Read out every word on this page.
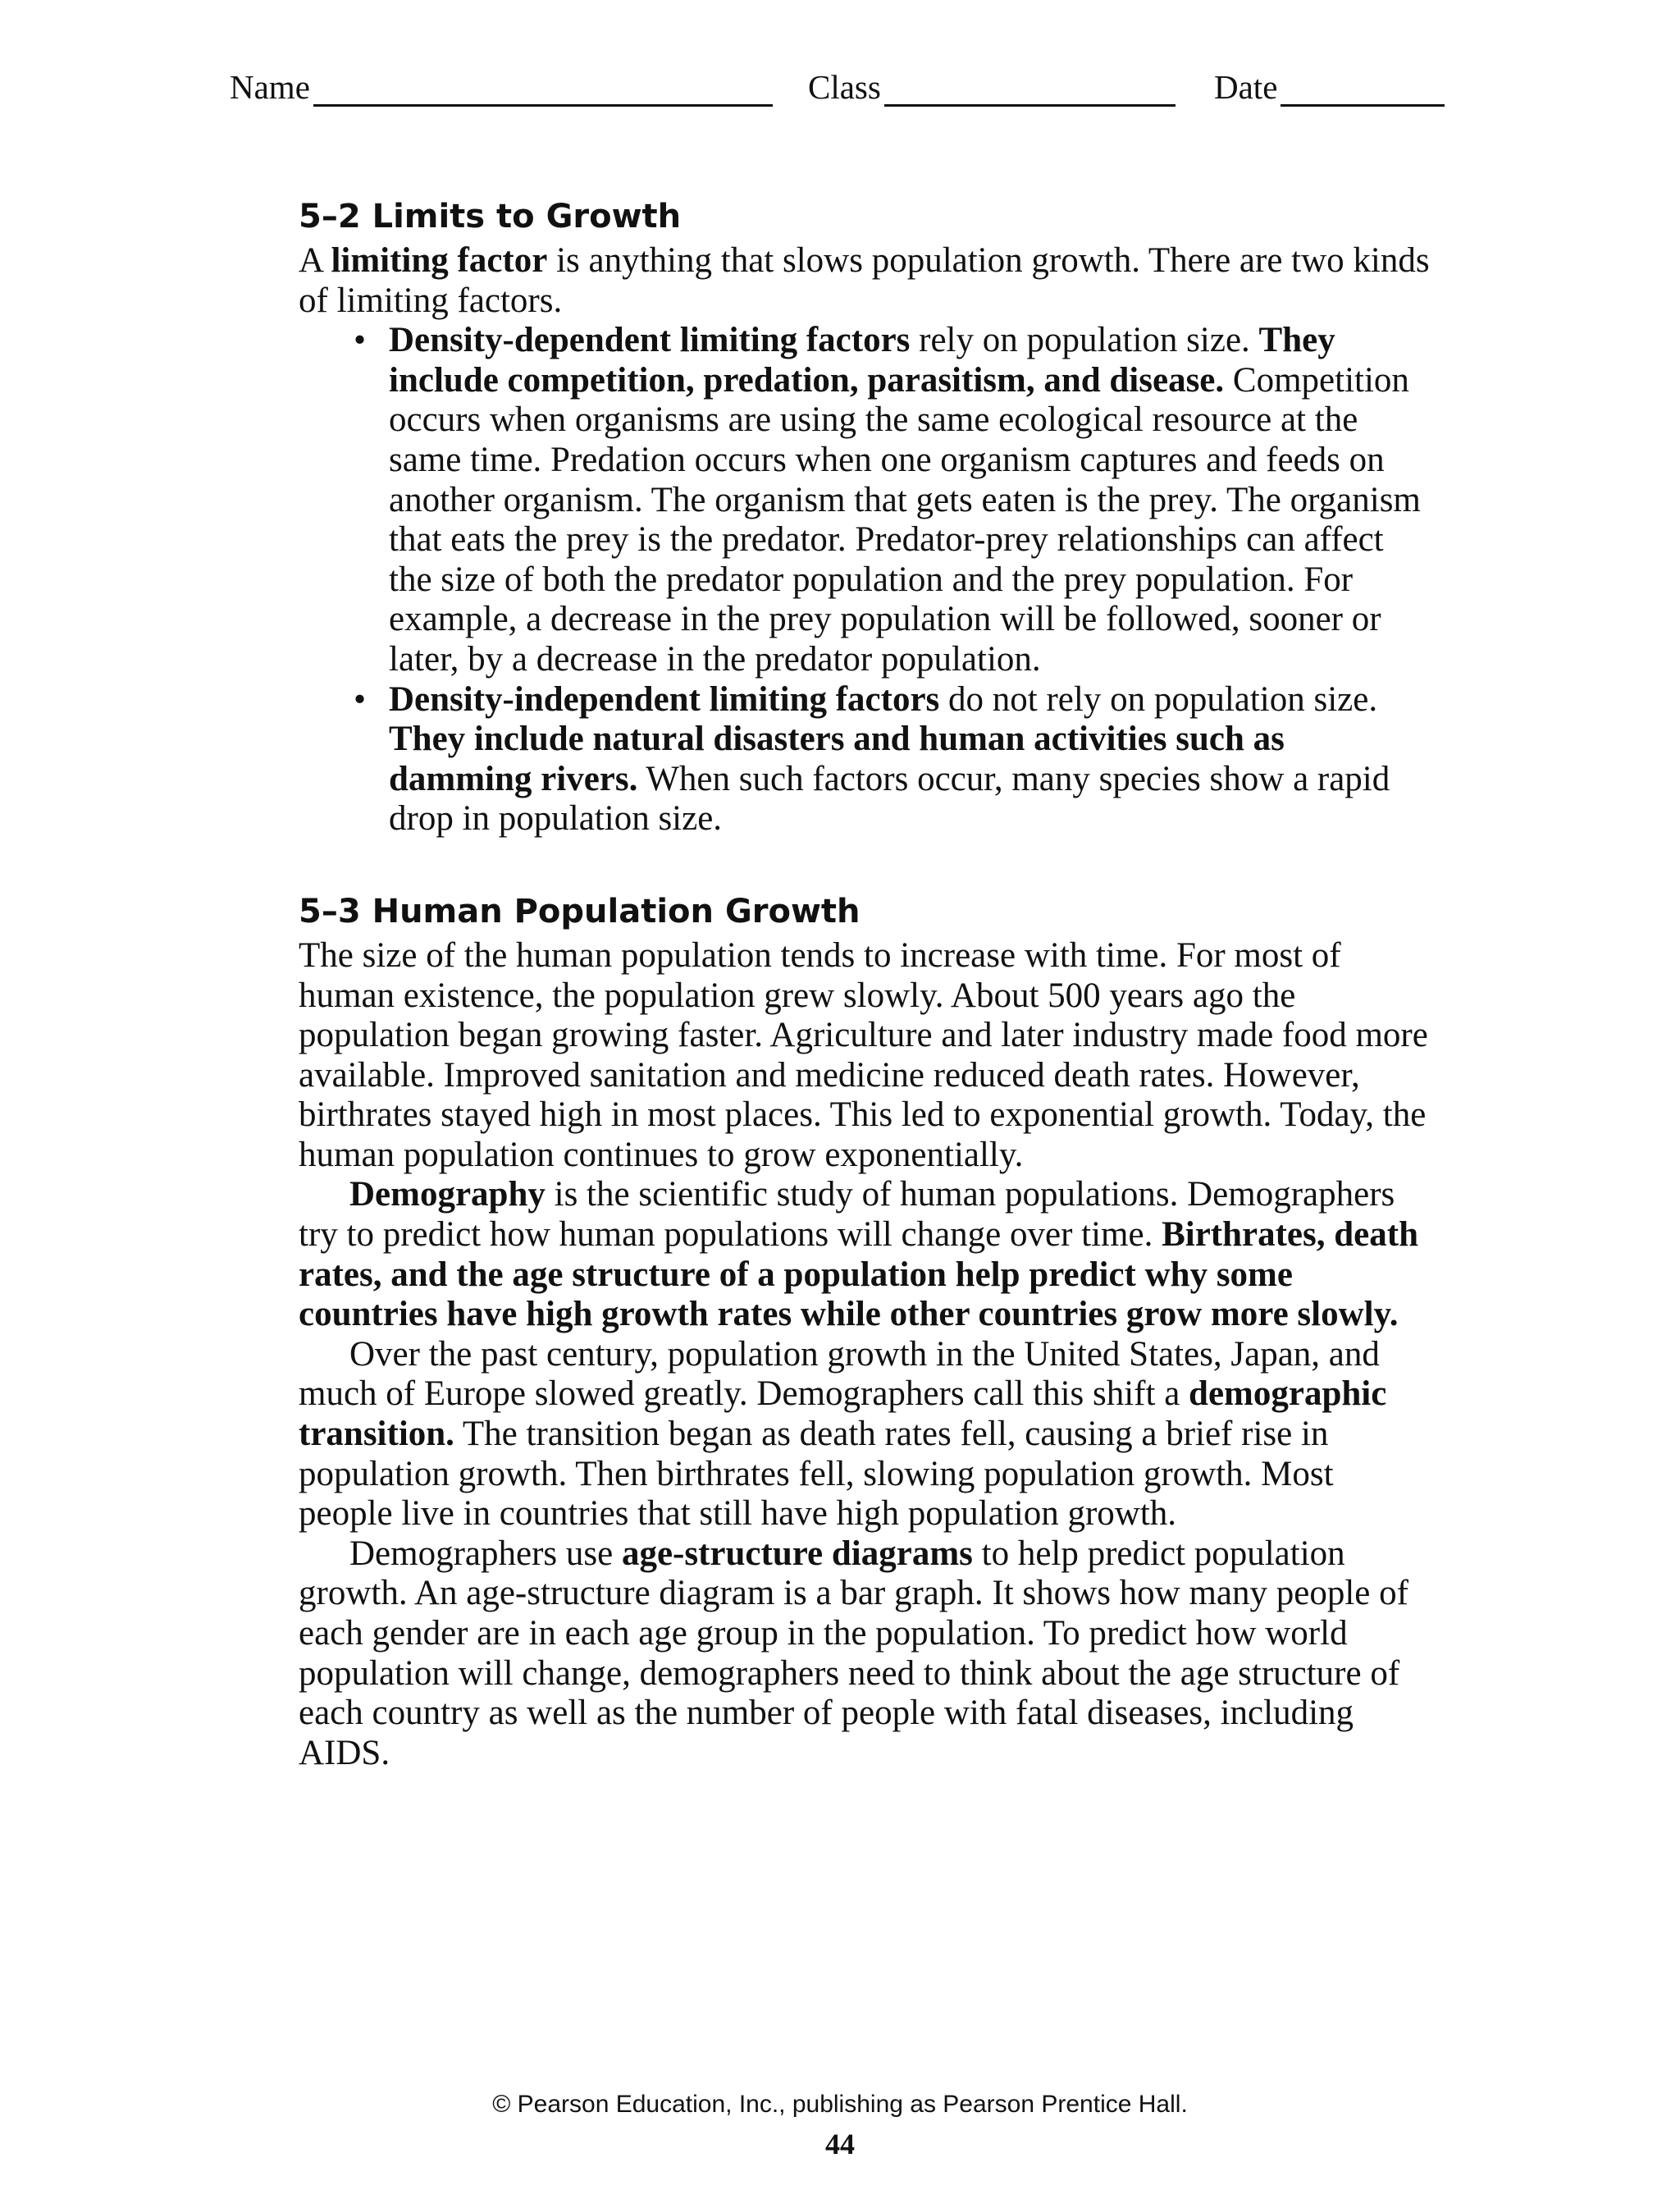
Name	Class	Date
5–2 Limits to Growth

A limiting factor is anything that slows population growth. There are two kinds of limiting factors.

• Density-dependent limiting factors rely on population size. They include competition, predation, parasitism, and disease. Competition occurs when organisms are using the same ecological resource at the same time. Predation occurs when one organism captures and feeds on another organism. The organism that gets eaten is the prey. The organism that eats the prey is the predator. Predator-prey relationships can affect the size of both the predator population and the prey population. For example, a decrease in the prey population will be followed, sooner or later, by a decrease in the predator population.
• Density-independent limiting factors do not rely on population size. They include natural disasters and human activities such as damming rivers. When such factors occur, many species show a rapid drop in population size.
5–3 Human Population Growth

The size of the human population tends to increase with time. For most of human existence, the population grew slowly. About 500 years ago the population began growing faster. Agriculture and later industry made food more available. Improved sanitation and medicine reduced death rates. However, birthrates stayed high in most places. This led to exponential growth. Today, the human population continues to grow exponentially.

Demography is the scientific study of human populations. Demographers try to predict how human populations will change over time. Birthrates, death rates, and the age structure of a population help predict why some countries have high growth rates while other countries grow more slowly.

Over the past century, population growth in the United States, Japan, and much of Europe slowed greatly. Demographers call this shift a demographic transition. The transition began as death rates fell, causing a brief rise in population growth. Then birthrates fell, slowing population growth. Most people live in countries that still have high population growth.

Demographers use age-structure diagrams to help predict population growth. An age-structure diagram is a bar graph. It shows how many people of each gender are in each age group in the population. To predict how world population will change, demographers need to think about the age structure of each country as well as the number of people with fatal diseases, including AIDS.

© Pearson Education, Inc., publishing as Pearson Prentice Hall.
44
